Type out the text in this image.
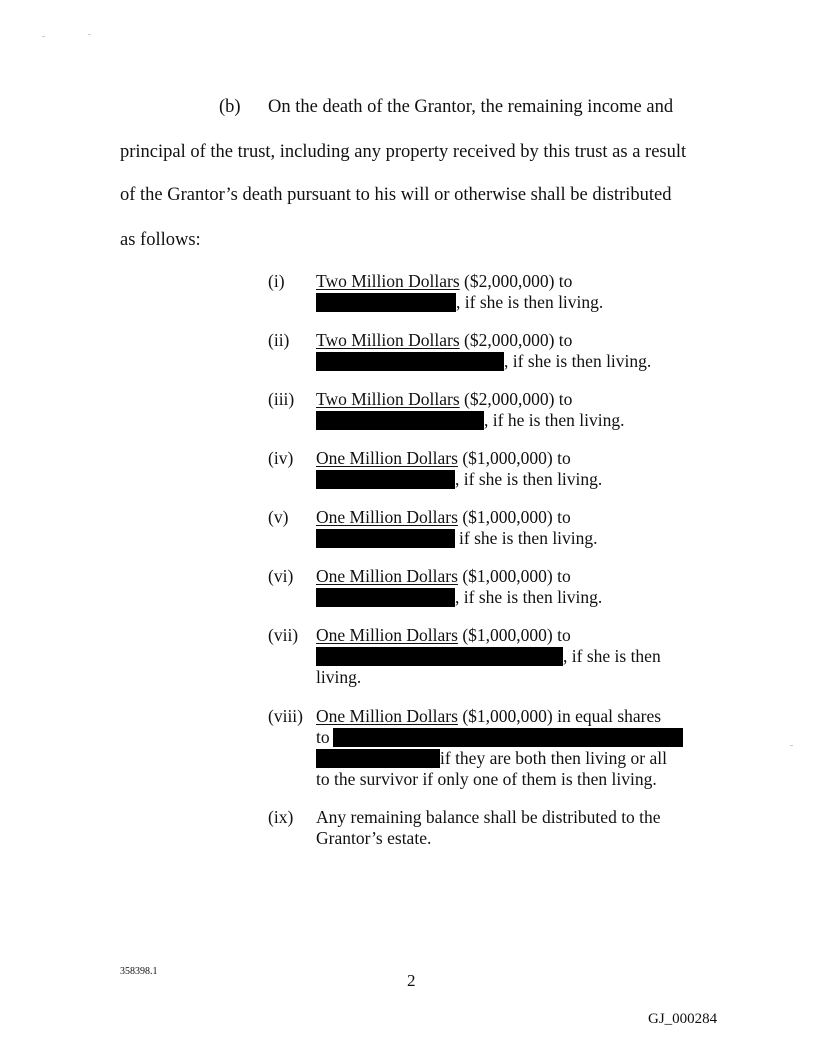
(b) On the death of the Grantor, the remaining income and
principal of the trust, including any property received by this trust as a result
of the Grantor’s death pursuant to his will or otherwise shall be distributed
as follows:
(i) Two Million Dollars ($2,000,000) to
, if she is then living.
(ii) Two Million Dollars ($2,000,000) to
, if she is then living.
(iii) Two Million Dollars ($2,000,000) to
, if he is then living.
(iv) One Million Dollars ($1,000,000) to
, if she is then living.
(v) One Million Dollars ($1,000,000) to
if she is then living.
(vi) One Million Dollars ($1,000,000) to
, if she is then living.
(vii) One Million Dollars ($1,000,000) to
, if she is then
living.
(viii) One Million Dollars ($1,000,000) in equal shares
to
if they are both then living or all
to the survivor if only one of them is then living.
(ix) Any remaining balance shall be distributed to the
Grantor’s estate.
358398.1	2
GJ_000284
